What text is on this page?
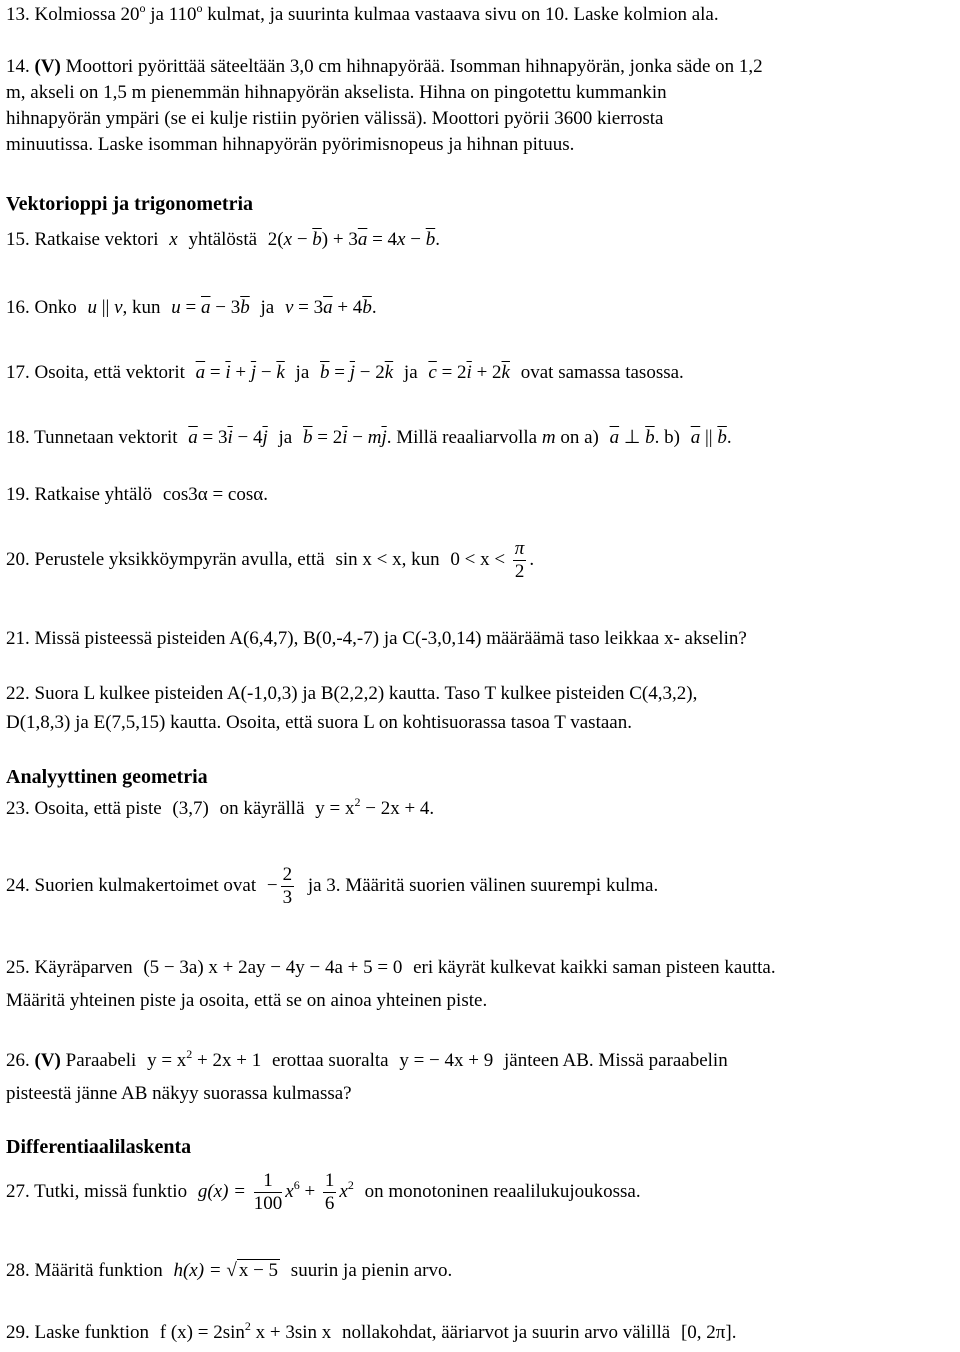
13. Kolmiossa 20$^o$ ja 110$^o$ kulmat, ja suurinta kulmaa vastaava sivu on 10. Laske kolmion ala.
14. (V) Moottori pyörittää säteeltään 3,0 cm hihnapyörää. Isomman hihnapyörän, jonka säde on 1,2
m, akseli on 1,5 m pienemmän hihnapyörän akselista. Hihna on pingotettu kummankin
hihnapyörän ympäri (se ei kulje ristiin pyörien välissä). Moottori pyörii 3600 kierrosta
minuutissa. Laske isomman hihnapyörän pyörimisnopeus ja hihnan pituus.
Vektorioppi ja trigonometria
15. Ratkaise vektori x yhtälöstä $2(x - \overline{b}) + 3\overline{a} = 4x - \overline{b}$.
16. Onko u || v, kun $u = \overline{a} - 3\overline{b}$ ja $v = 3\overline{a} + 4\overline{b}$.
17. Osoita, että vektorit $\overline{a} = \overline{i} + \overline{j} - \overline{k}$ ja $\overline{b} = \overline{j} - 2\overline{k}$ ja $\overline{c} = 2\overline{i} + 2\overline{k}$ ovat samassa tasossa.
18. Tunnetaan vektorit $\overline{a} = 3\overline{i} - 4\overline{j}$ ja $\overline{b} = 2\overline{i} - m\overline{j}$. Millä reaaliarvolla m on a) $\overline{a}$ ⊥ $\overline{b}$. b) $\overline{a}$ || $\overline{b}$.
19. Ratkaise yhtälö cos3α = cosα.
20. Perustele yksikköympyrän avulla, että sin x < x, kun $0 < x < \frac{\pi}{2}$ .
21. Missä pisteessä pisteiden A(6,4,7), B(0,-4,-7) ja C(-3,0,14) määräämä taso leikkaa x- akselin?
22. Suora L kulkee pisteiden A(-1,0,3) ja B(2,2,2) kautta. Taso T kulkee pisteiden C(4,3,2),
D(1,8,3) ja E(7,5,15) kautta. Osoita, että suora L on kohtisuorassa tasoa T vastaan.
Analyyttinen geometria
23. Osoita, että piste (3,7) on käyrällä $y = x^2 - 2x + 4$.
24. Suorien kulmakertoimet ovat − $\frac{2}{3}$ ja 3. Määritä suorien välinen suurempi kulma.
25. Käyräparven (5 − 3a) x + 2ay − 4y − 4a + 5 = 0 eri käyrät kulkevat kaikki saman pisteen kautta.
Määritä yhteinen piste ja osoita, että se on ainoa yhteinen piste.
26. (V) Paraabeli $y = x^2 + 2x + 1$ erottaa suoralta y = − 4x + 9 jänteen AB. Missä paraabelin
pisteestä jänne AB näkyy suorassa kulmassa?
Differentiaalilaskenta
27. Tutki, missä funktio $g(x) = \frac{1}{100} x^6 + \frac{1}{6} x^2$ on monotoninen reaalilukujoukossa.
28. Määritä funktion h(x) = √ x − 5 suurin ja pienin arvo.
29. Laske funktion f $(x) = 2\sin^2$ x + 3sin x nollakohdat, ääriarvot ja suurin arvo välillä [0, 2π].
